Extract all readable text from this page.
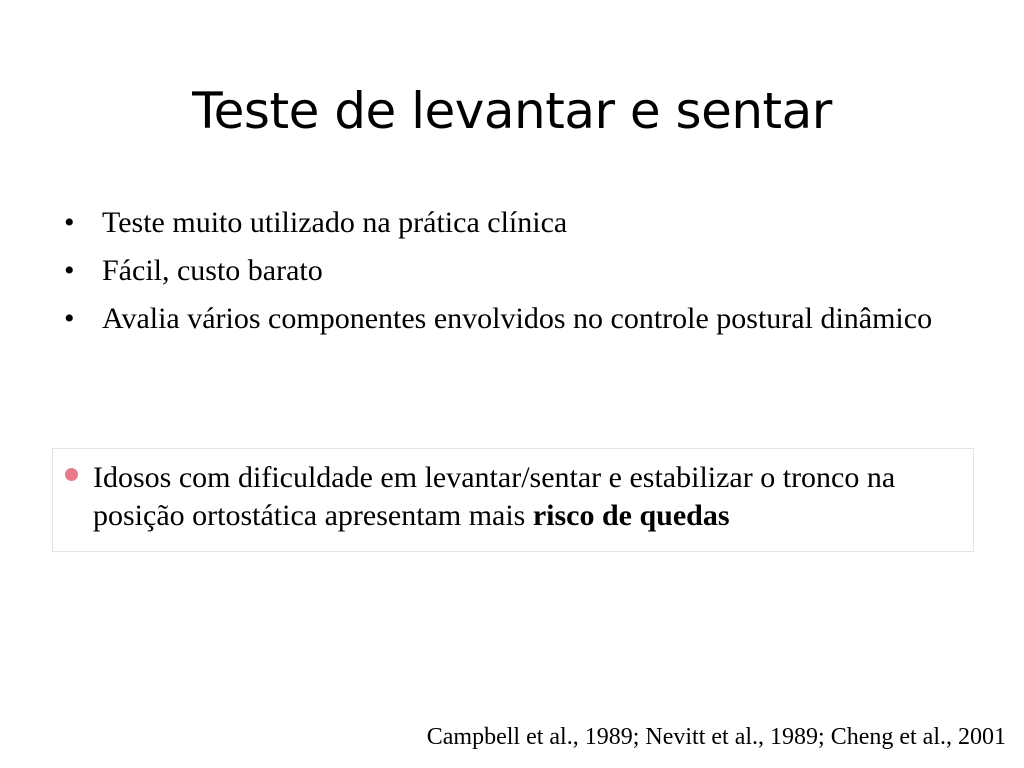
Teste de levantar e sentar
• Teste muito utilizado na prática clínica
• Fácil, custo barato
• Avalia vários componentes envolvidos no controle postural dinâmico
Idosos com dificuldade em levantar/sentar e estabilizar o tronco na posição ortostática apresentam mais risco de quedas
Campbell et al., 1989; Nevitt et al., 1989; Cheng et al., 2001
